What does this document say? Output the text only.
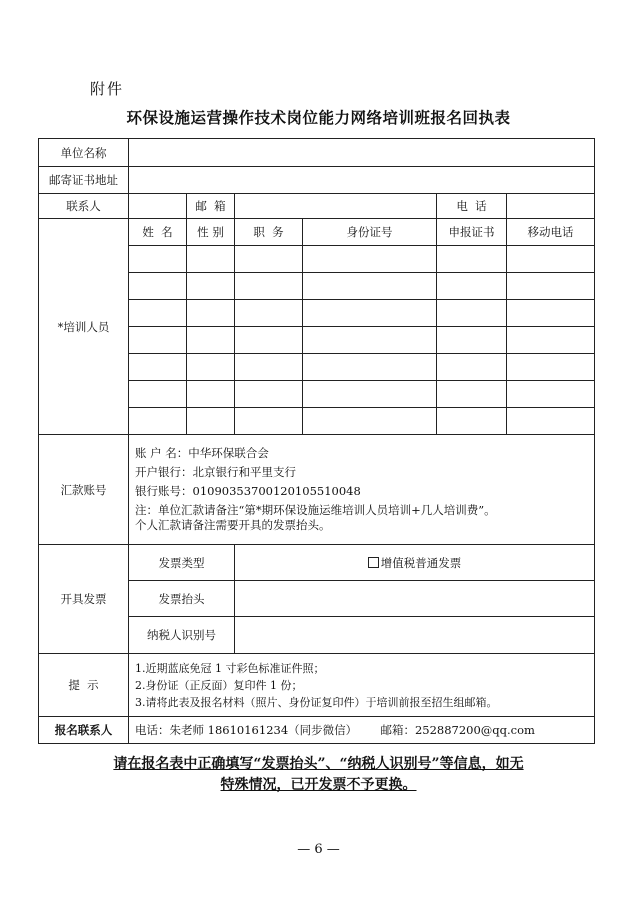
附件
环保设施运营操作技术岗位能力网络培训班报名回执表
单位名称						
邮寄证书地址						
联系人		邮  箱			电  话	
*培训人员	姓  名	性 别	职  务	身份证号	申报证书	移动电话

汇款账号	账 户 名：中华环保联合会
开户银行：北京银行和平里支行
银行账号：01090353700120105510048
注：单位汇款请备注“第*期环保设施运维培训人员培训+几人培训费”。
个人汇款请备注需要开具的发票抬头。					

开具发票	发票类型		增值税普通发票			
	发票抬头					
	纳税人识别号					
提  示	1.近期蓝底免冠 1 寸彩色标准证件照；
2.身份证（正反面）复印件 1 份；
3.请将此表及报名材料（照片、身份证复印件）于培训前报至招生组邮箱。					

报名联系人	电话：朱老师 18610161234（同步微信） 邮箱：252887200@qq.com					
请在报名表中正确填写“发票抬头”、“纳税人识别号”等信息，如无
特殊情况，已开发票不予更换。
— 6 —
